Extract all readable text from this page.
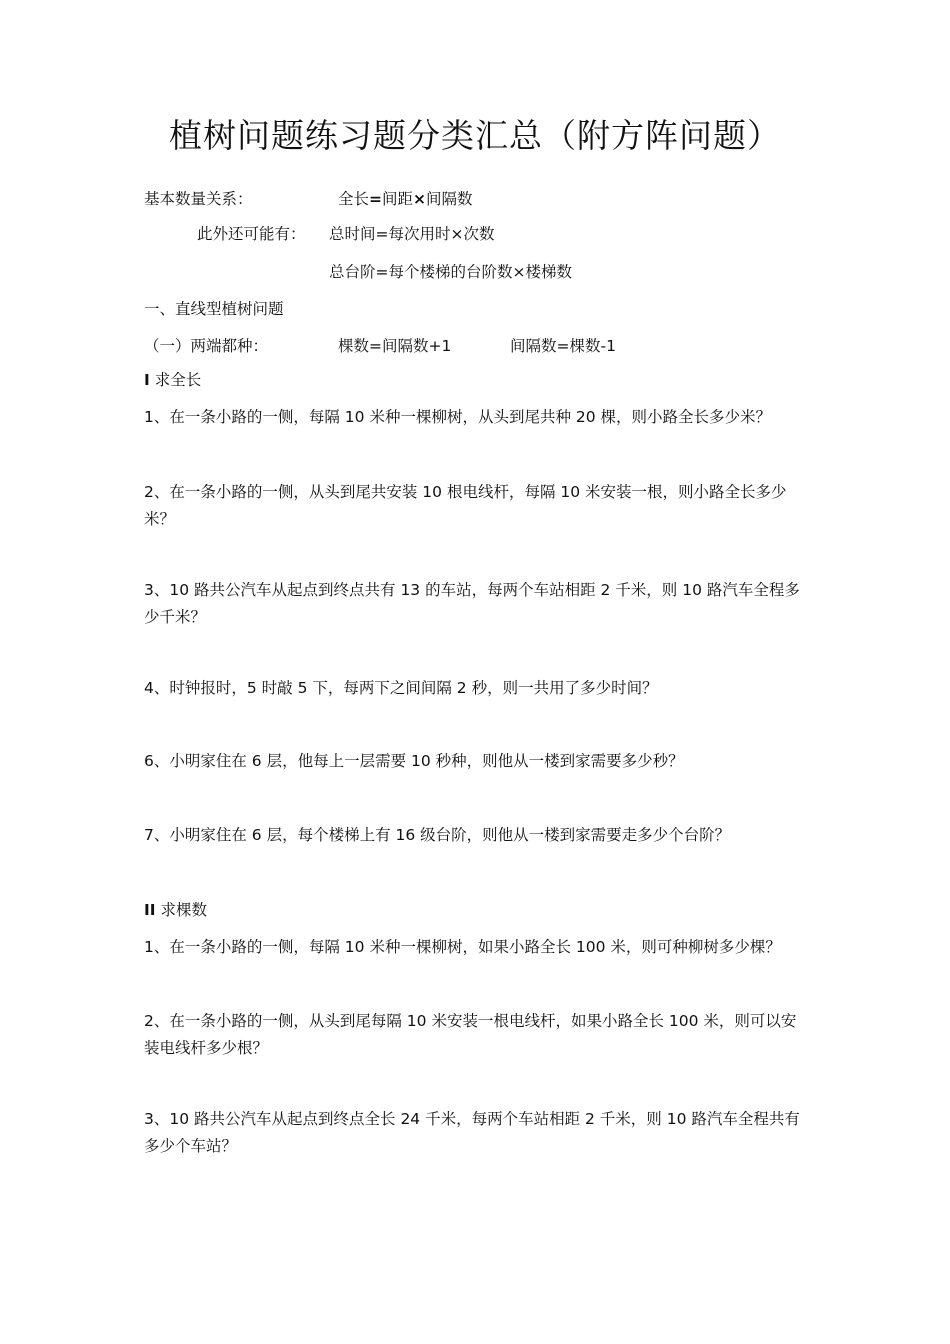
植树问题练习题分类汇总（附方阵问题）
基本数量关系：	全长=间距×间隔数
此外还可能有： 总时间=每次用时×次数
总台阶=每个楼梯的台阶数×楼梯数
一、直线型植树问题
（一）两端都种：	棵数=间隔数+1	间隔数=棵数-1
I 求全长
1、在一条小路的一侧，每隔 10 米种一棵柳树，从头到尾共种 20 棵，则小路全长多少米？
2、在一条小路的一侧，从头到尾共安装 10 根电线杆，每隔 10 米安装一根，则小路全长多少米？
3、10 路共公汽车从起点到终点共有 13 的车站，每两个车站相距 2 千米，则 10 路汽车全程多少千米？
4、时钟报时，5 时敲 5 下，每两下之间间隔 2 秒，则一共用了多少时间？
6、小明家住在 6 层，他每上一层需要 10 秒种，则他从一楼到家需要多少秒？
7、小明家住在 6 层，每个楼梯上有 16 级台阶，则他从一楼到家需要走多少个台阶？
II 求棵数
1、在一条小路的一侧，每隔 10 米种一棵柳树，如果小路全长 100 米，则可种柳树多少棵？
2、在一条小路的一侧，从头到尾每隔 10 米安装一根电线杆，如果小路全长 100 米，则可以安装电线杆多少根？
3、10 路共公汽车从起点到终点全长 24 千米，每两个车站相距 2 千米，则 10 路汽车全程共有多少个车站？
